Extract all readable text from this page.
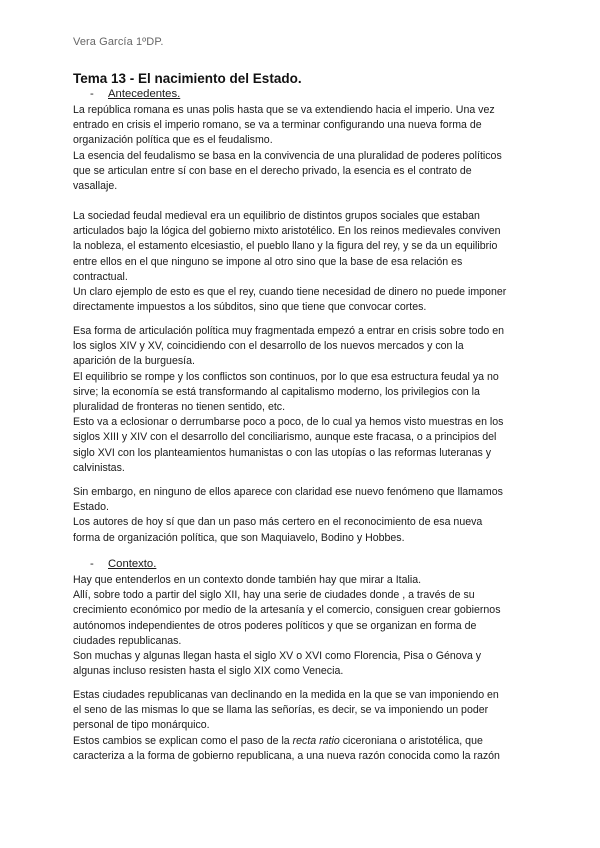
Vera García 1ºDP.
Tema 13 - El nacimiento del Estado.
- Antecedentes.
La república romana es unas polis hasta que se va extendiendo hacia el imperio. Una vez
entrado en crisis el imperio romano, se va a terminar configurando una nueva forma de
organización política que es el feudalismo.
La esencia del feudalismo se basa en la convivencia de una pluralidad de poderes políticos
que se articulan entre sí con base en el derecho privado, la esencia es el contrato de
vasallaje.
La sociedad feudal medieval era un equilibrio de distintos grupos sociales que estaban
articulados bajo la lógica del gobierno mixto aristotélico. En los reinos medievales conviven
la nobleza, el estamento elcesiastio, el pueblo llano y la figura del rey, y se da un equilibrio
entre ellos en el que ninguno se impone al otro sino que la base de esa relación es
contractual.
Un claro ejemplo de esto es que el rey, cuando tiene necesidad de dinero no puede imponer
directamente impuestos a los súbditos, sino que tiene que convocar cortes.
Esa forma de articulación política muy fragmentada empezó a entrar en crisis sobre todo en
los siglos XIV y XV, coincidiendo con el desarrollo de los nuevos mercados y con la
aparición de la burguesía.
El equilibrio se rompe y los conflictos son continuos, por lo que esa estructura feudal ya no
sirve; la economía se está transformando al capitalismo moderno, los privilegios con la
pluralidad de fronteras no tienen sentido, etc.
Esto va a eclosionar o derrumbarse poco a poco, de lo cual ya hemos visto muestras en los
siglos XIII y XIV con el desarrollo del conciliarismo, aunque este fracasa, o a principios del
siglo XVI con los planteamientos humanistas o con las utopías o las reformas luteranas y
calvinistas.
Sin embargo, en ninguno de ellos aparece con claridad ese nuevo fenómeno que llamamos
Estado.
Los autores de hoy sí que dan un paso más certero en el reconocimiento de esa nueva
forma de organización política, que son Maquiavelo, Bodino y Hobbes.
- Contexto.
Hay que entenderlos en un contexto donde también hay que mirar a Italia.
Allí, sobre todo a partir del siglo XII, hay una serie de ciudades donde , a través de su
crecimiento económico por medio de la artesanía y el comercio, consiguen crear gobiernos
autónomos independientes de otros poderes políticos y que se organizan en forma de
ciudades republicanas.
Son muchas y algunas llegan hasta el siglo XV o XVI como Florencia, Pisa o Génova y
algunas incluso resisten hasta el siglo XIX como Venecia.
Estas ciudades republicanas van declinando en la medida en la que se van imponiendo en
el seno de las mismas lo que se llama las señorías, es decir, se va imponiendo un poder
personal de tipo monárquico.
Estos cambios se explican como el paso de la recta ratio ciceroniana o aristotélica, que
caracteriza a la forma de gobierno republicana, a una nueva razón conocida como la razón
